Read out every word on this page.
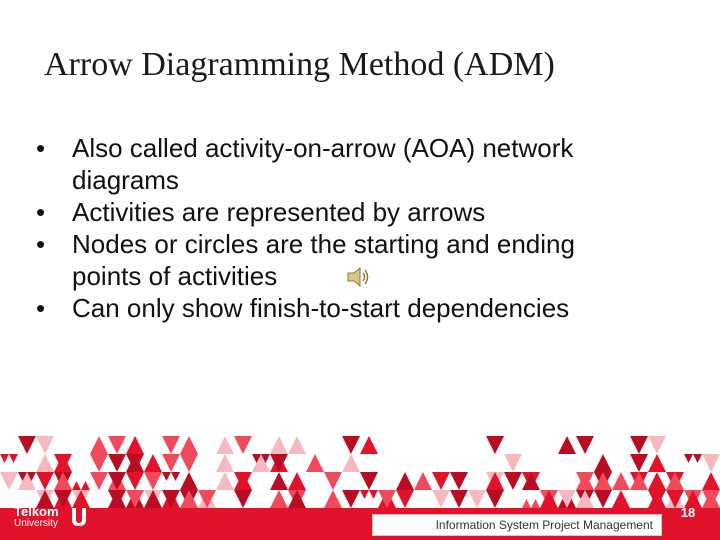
Arrow Diagramming Method (ADM)
• Also called activity-on-arrow (AOA) network diagrams
• Activities are represented by arrows
• Nodes or circles are the starting and ending points of activities
• Can only show finish-to-start dependencies
Telkom
University	Information System Project Management
18
